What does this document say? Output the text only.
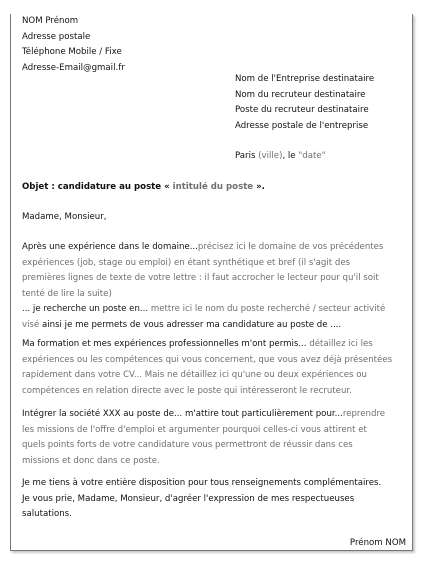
NOM Prénom
Adresse postale
Téléphone Mobile / Fixe
Adresse-Email@gmail.fr
Nom de l'Entreprise destinataire
Nom du recruteur destinataire
Poste du recruteur destinataire
Adresse postale de l'entreprise
Paris (ville), le "date"
Objet : candidature au poste « intitulé du poste ».
Madame, Monsieur,
Après une expérience dans le domaine...précisez ici le domaine de vos précédentes
expériences (job, stage ou emploi) en étant synthétique et bref (il s'agit des
premières lignes de texte de votre lettre : il faut accrocher le lecteur pour qu'il soit
tenté de lire la suite)
... je recherche un poste en... mettre ici le nom du poste recherché / secteur activité
visé ainsi je me permets de vous adresser ma candidature au poste de ....
Ma formation et mes expériences professionnelles m'ont permis... détaillez ici les
expériences ou les compétences qui vous concernent, que vous avez déjà présentées
rapidement dans votre CV... Mais ne détaillez ici qu'une ou deux expériences ou
compétences en relation directe avec le poste qui intéresseront le recruteur.
Intégrer la société XXX au poste de... m'attire tout particulièrement pour...reprendre
les missions de l'offre d'emploi et argumenter pourquoi celles-ci vous attirent et
quels points forts de votre candidature vous permettront de réussir dans ces
missions et donc dans ce poste.
Je me tiens à votre entière disposition pour tous renseignements complémentaires.
Je vous prie, Madame, Monsieur, d'agréer l'expression de mes respectueuses
salutations.
Prénom NOM
